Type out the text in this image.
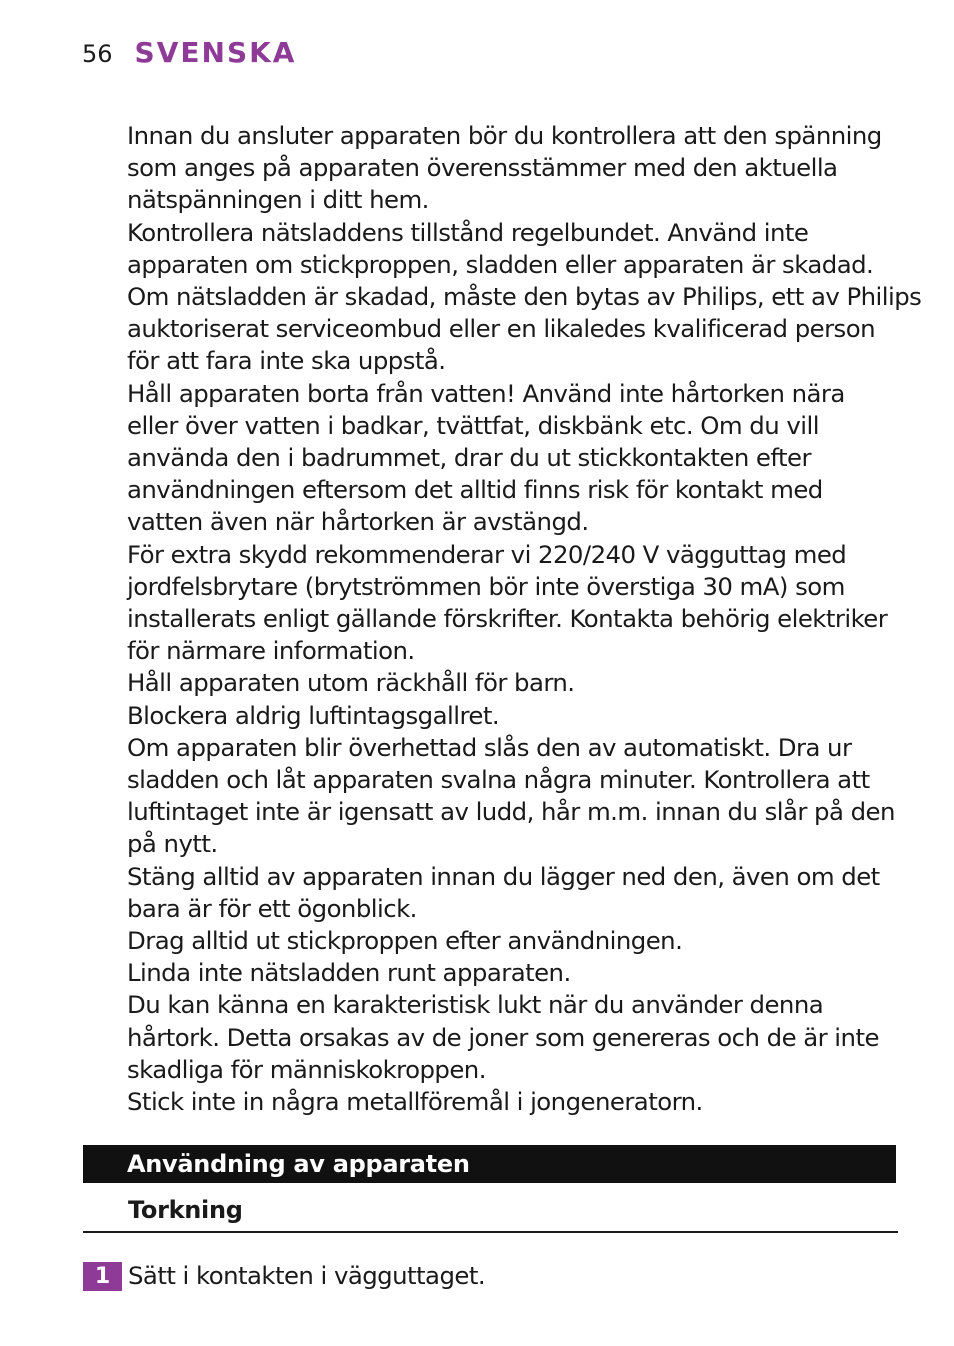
56 SVENSKA

Innan du ansluter apparaten bör du kontrollera att den spänning
som anges på apparaten överensstämmer med den aktuella
nätspänningen i ditt hem.

Kontrollera nätsladdens tillstånd regelbundet. Använd inte
apparaten om stickproppen, sladden eller apparaten är skadad.
Om nätsladden är skadad, måste den bytas av Philips, ett av Philips
auktoriserat serviceombud eller en likaledes kvalificerad person
för att fara inte ska uppstå.

Håll apparaten borta från vatten! Använd inte hårtorken nära
eller över vatten i badkar, tvättfat, diskbänk etc. Om du vill
använda den i badrummet, drar du ut stickkontakten efter
användningen eftersom det alltid finns risk för kontakt med
vatten även när hårtorken är avstängd.

För extra skydd rekommenderar vi 220/240 V vägguttag med
jordfelsbrytare (brytströmmen bör inte överstiga 30 mA) som
installerats enligt gällande förskrifter. Kontakta behörig elektriker
för närmare information.

Håll apparaten utom räckhåll för barn.

Blockera aldrig luftintagsgallret.

Om apparaten blir överhettad slås den av automatiskt. Dra ur
sladden och låt apparaten svalna några minuter. Kontrollera att
luftintaget inte är igensatt av ludd, hår m.m. innan du slår på den
på nytt.

Stäng alltid av apparaten innan du lägger ned den, även om det
bara är för ett ögonblick.

Drag alltid ut stickproppen efter användningen.

Linda inte nätsladden runt apparaten.

Du kan känna en karakteristisk lukt när du använder denna
hårtork. Detta orsakas av de joner som genereras och de är inte
skadliga för människokroppen.

Stick inte in några metallföremål i jongeneratorn.

Användning av apparaten
Torkning
1 Sätt i kontakten i vägguttaget.
